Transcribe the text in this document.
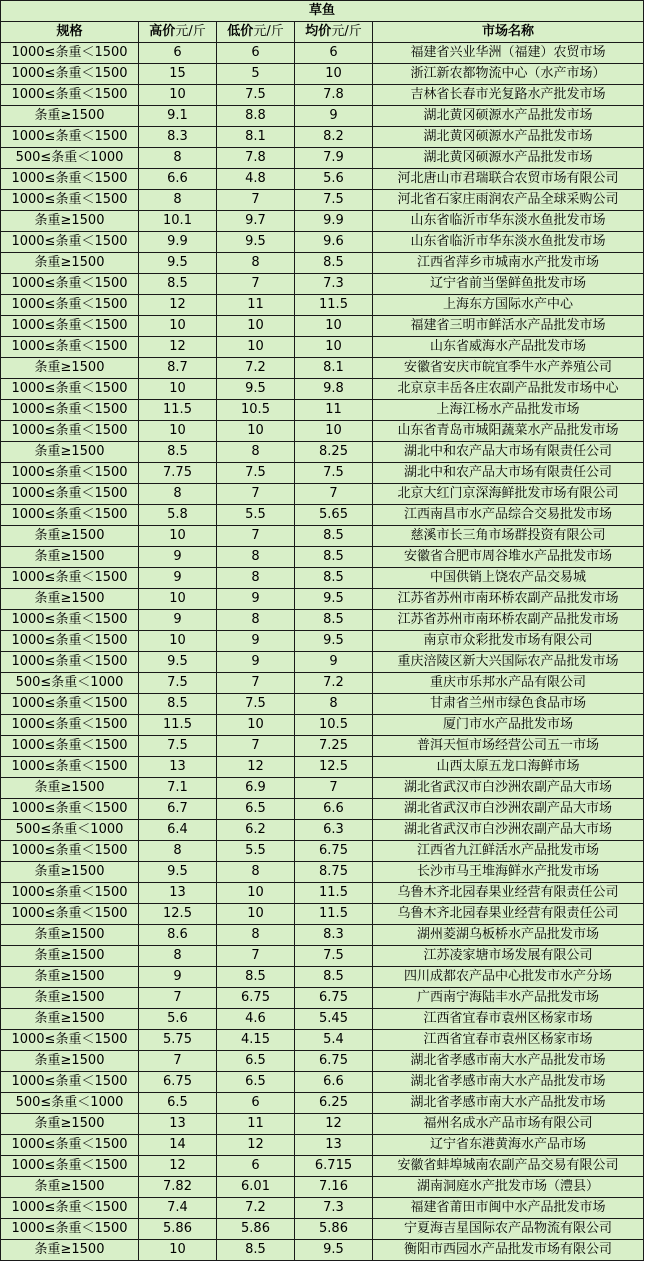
草鱼				
规格	高价元/斤	低价元/斤	均价元/斤	市场名称
1000≤条重＜1500	6	6	6	福建省兴业华洲（福建）农贸市场
1000≤条重＜1500	15	5	10	浙江新农都物流中心（水产市场）
1000≤条重＜1500	10	7.5	7.8	吉林省长春市光复路水产批发市场
条重≥1500	9.1	8.8	9	湖北黄冈硕源水产品批发市场
1000≤条重＜1500	8.3	8.1	8.2	湖北黄冈硕源水产品批发市场
500≤条重＜1000	8	7.8	7.9	湖北黄冈硕源水产品批发市场
1000≤条重＜1500	6.6	4.8	5.6	河北唐山市君瑞联合农贸市场有限公司
1000≤条重＜1500	8	7	7.5	河北省石家庄雨润农产品全球采购公司
条重≥1500	10.1	9.7	9.9	山东省临沂市华东淡水鱼批发市场
1000≤条重＜1500	9.9	9.5	9.6	山东省临沂市华东淡水鱼批发市场
条重≥1500	9.5	8	8.5	江西省萍乡市城南水产批发市场
1000≤条重＜1500	8.5	7	7.3	辽宁省前当堡鲜鱼批发市场
1000≤条重＜1500	12	11	11.5	上海东方国际水产中心
1000≤条重＜1500	10	10	10	福建省三明市鲜活水产品批发市场
1000≤条重＜1500	12	10	10	山东省威海水产品批发市场
条重≥1500	8.7	7.2	8.1	安徽省安庆市皖宜季牛水产养殖公司
1000≤条重＜1500	10	9.5	9.8	北京京丰岳各庄农副产品批发市场中心
1000≤条重＜1500	11.5	10.5	11	上海江杨水产品批发市场
1000≤条重＜1500	10	10	10	山东省青岛市城阳蔬菜水产品批发市场
条重≥1500	8.5	8	8.25	湖北中和农产品大市场有限责任公司
1000≤条重＜1500	7.75	7.5	7.5	湖北中和农产品大市场有限责任公司
1000≤条重＜1500	8	7	7	北京大红门京深海鲜批发市场有限公司
1000≤条重＜1500	5.8	5.5	5.65	江西南昌市水产品综合交易批发市场
条重≥1500	10	7	8.5	慈溪市长三角市场群投资有限公司
条重≥1500	9	8	8.5	安徽省合肥市周谷堆水产品批发市场
1000≤条重＜1500	9	8	8.5	中国供销上饶农产品交易城
条重≥1500	10	9	9.5	江苏省苏州市南环桥农副产品批发市场
1000≤条重＜1500	9	8	8.5	江苏省苏州市南环桥农副产品批发市场
1000≤条重＜1500	10	9	9.5	南京市众彩批发市场有限公司
1000≤条重＜1500	9.5	9	9	重庆涪陵区新大兴国际农产品批发市场
500≤条重＜1000	7.5	7	7.2	重庆市乐邦水产品有限公司
1000≤条重＜1500	8.5	7.5	8	甘肃省兰州市绿色食品市场
1000≤条重＜1500	11.5	10	10.5	厦门市水产品批发市场
1000≤条重＜1500	7.5	7	7.25	普洱天恒市场经营公司五一市场
1000≤条重＜1500	13	12	12.5	山西太原五龙口海鲜市场
条重≥1500	7.1	6.9	7	湖北省武汉市白沙洲农副产品大市场
1000≤条重＜1500	6.7	6.5	6.6	湖北省武汉市白沙洲农副产品大市场
500≤条重＜1000	6.4	6.2	6.3	湖北省武汉市白沙洲农副产品大市场
1000≤条重＜1500	8	5.5	6.75	江西省九江鲜活水产品批发市场
条重≥1500	9.5	8	8.75	长沙市马王堆海鲜水产批发市场
1000≤条重＜1500	13	10	11.5	乌鲁木齐北园春果业经营有限责任公司
1000≤条重＜1500	12.5	10	11.5	乌鲁木齐北园春果业经营有限责任公司
条重≥1500	8.6	8	8.3	湖州菱湖乌板桥水产品批发市场
条重≥1500	8	7	7.5	江苏凌家塘市场发展有限公司
条重≥1500	9	8.5	8.5	四川成都农产品中心批发市水产分场
条重≥1500	7	6.75	6.75	广西南宁海陆丰水产品批发市场
条重≥1500	5.6	4.6	5.45	江西省宜春市袁州区杨家市场
1000≤条重＜1500	5.75	4.15	5.4	江西省宜春市袁州区杨家市场
条重≥1500	7	6.5	6.75	湖北省孝感市南大水产品批发市场
1000≤条重＜1500	6.75	6.5	6.6	湖北省孝感市南大水产品批发市场
500≤条重＜1000	6.5	6	6.25	湖北省孝感市南大水产品批发市场
条重≥1500	13	11	12	福州名成水产品市场有限公司
1000≤条重＜1500	14	12	13	辽宁省东港黄海水产品市场
1000≤条重＜1500	12	6	6.715	安徽省蚌埠城南农副产品交易有限公司
条重≥1500	7.82	6.01	7.16	湖南洞庭水产批发市场（澧县）
1000≤条重＜1500	7.4	7.2	7.3	福建省莆田市闽中水产品批发市场
1000≤条重＜1500	5.86	5.86	5.86	宁夏海吉星国际农产品物流有限公司
条重≥1500	10	8.5	9.5	衡阳市西园水产品批发市场有限公司
